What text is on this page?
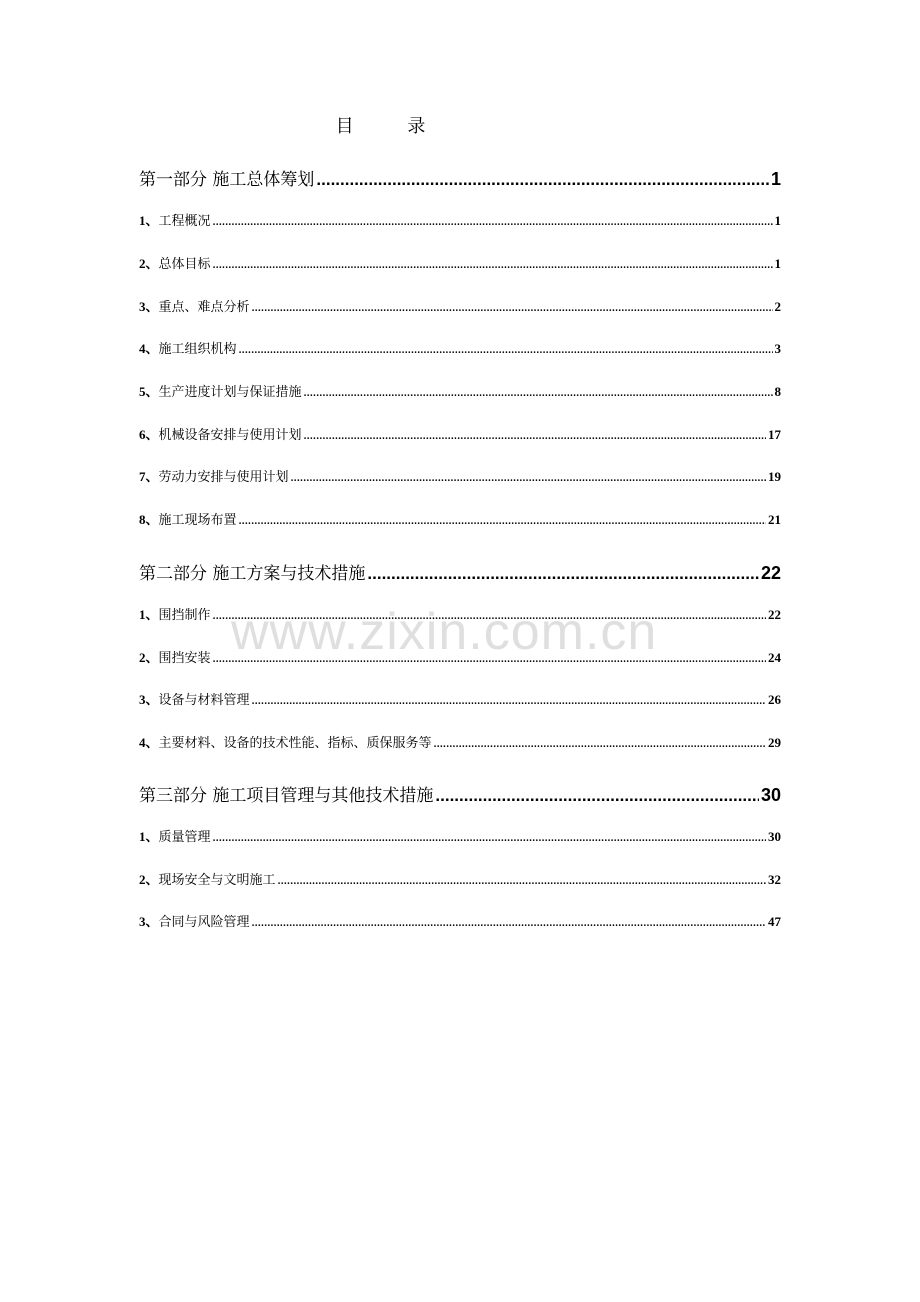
目 录
第一部分 施工总体筹划 .....	1
1、工程概况 .....	1
2、总体目标 .....	1
3、重点、难点分析 .....	2
4、施工组织机构 .....	3
5、生产进度计划与保证措施 .....	8
6、机械设备安排与使用计划 .....	17
7、劳动力安排与使用计划 .....	19
8、施工现场布置 .....	21
第二部分 施工方案与技术措施 .....	22
1、围挡制作 .....	22
2、围挡安装 .....	24
3、设备与材料管理 .....	26
4、主要材料、设备的技术性能、指标、质保服务等 .....	29
第三部分 施工项目管理与其他技术措施 .....	30
1、质量管理 .....	30
2、现场安全与文明施工 .....	32
3、合同与风险管理 .....	47
www.zixin.com.cn
